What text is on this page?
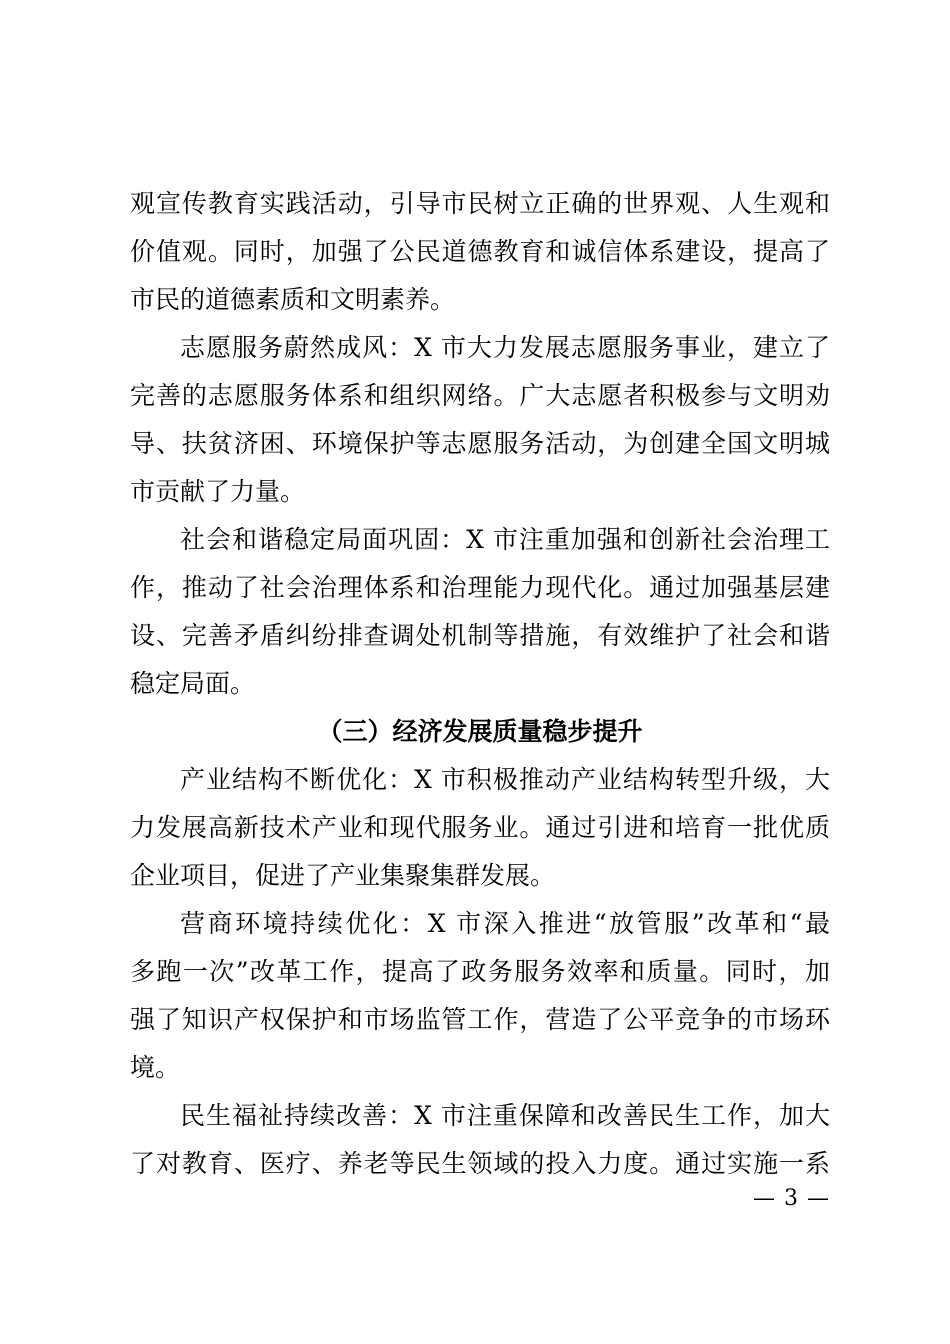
观宣传教育实践活动，引导市民树立正确的世界观、人生观和
价值观。同时，加强了公民道德教育和诚信体系建设，提高了
市民的道德素质和文明素养。
志愿服务蔚然成风：X 市大力发展志愿服务事业，建立了
完善的志愿服务体系和组织网络。广大志愿者积极参与文明劝
导、扶贫济困、环境保护等志愿服务活动，为创建全国文明城
市贡献了力量。
社会和谐稳定局面巩固：X 市注重加强和创新社会治理工
作，推动了社会治理体系和治理能力现代化。通过加强基层建
设、完善矛盾纠纷排查调处机制等措施，有效维护了社会和谐
稳定局面。
（三）经济发展质量稳步提升
产业结构不断优化：X 市积极推动产业结构转型升级，大
力发展高新技术产业和现代服务业。通过引进和培育一批优质
企业项目，促进了产业集聚集群发展。
营商环境持续优化：X 市深入推进“放管服”改革和“最
多跑一次”改革工作，提高了政务服务效率和质量。同时，加
强了知识产权保护和市场监管工作，营造了公平竞争的市场环
境。
民生福祉持续改善：X 市注重保障和改善民生工作，加大
了对教育、医疗、养老等民生领域的投入力度。通过实施一系
— 3 —
